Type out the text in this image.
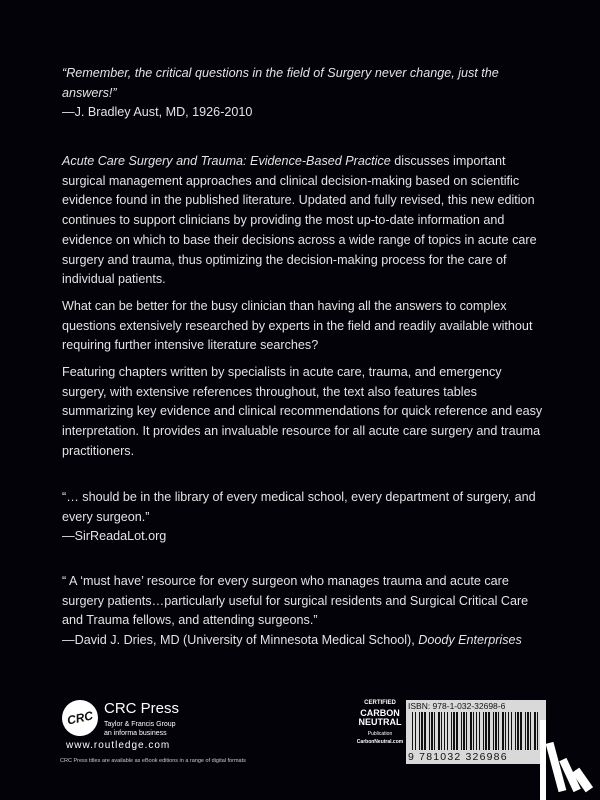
“Remember, the critical questions in the field of Surgery never change, just the answers!”

—J. Bradley Aust, MD, 1926-2010

Acute Care Surgery and Trauma: Evidence-Based Practice discusses important surgical management approaches and clinical decision-making based on scientific evidence found in the published literature. Updated and fully revised, this new edition continues to support clinicians by providing the most up-to-date information and evidence on which to base their decisions across a wide range of topics in acute care surgery and trauma, thus optimizing the decision-making process for the care of individual patients.

What can be better for the busy clinician than having all the answers to complex questions extensively researched by experts in the field and readily available without requiring further intensive literature searches?

Featuring chapters written by specialists in acute care, trauma, and emergency surgery, with extensive references throughout, the text also features tables summarizing key evidence and clinical recommendations for quick reference and easy interpretation. It provides an invaluable resource for all acute care surgery and trauma practitioners.

“… should be in the library of every medical school, every department of surgery, and every surgeon.”

—SirReadaLot.org

“ A ‘must have’ resource for every surgeon who manages trauma and acute care surgery patients…particularly useful for surgical residents and Surgical Critical Care and Trauma fellows, and attending surgeons.”

—David J. Dries, MD (University of Minnesota Medical School), Doody Enterprises

CRC CRC Press
Taylor & Francis Group
an informa business
www.routledge.com
CRC Press titles are available as eBook editions in a range of digital formats
CERTIFIED
CARBON
NEUTRAL
Publication
CarbonNeutral.com
ISBN: 978-1-032-32698-6
9 781032 326986
